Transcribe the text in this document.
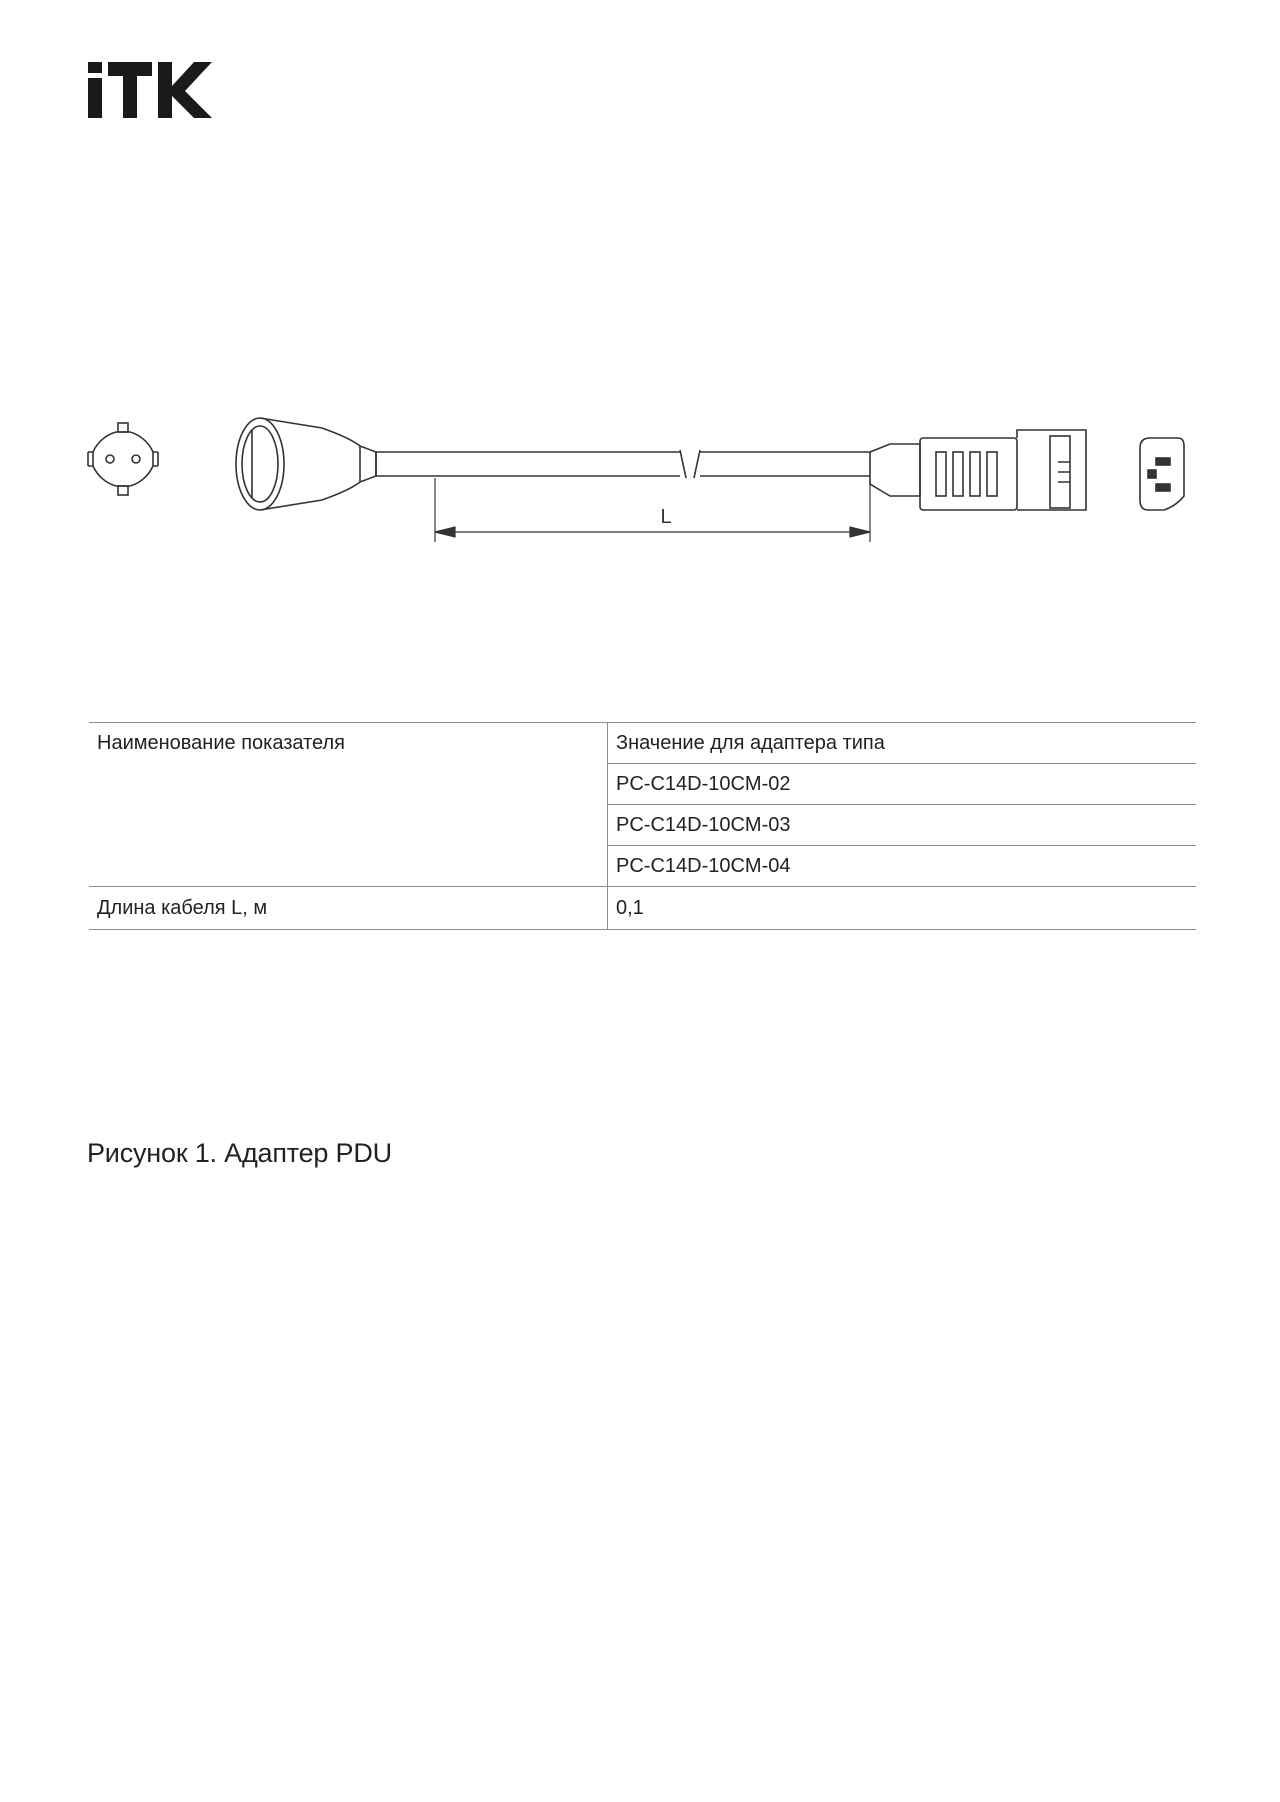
L
Наименование показателя	Значение для адаптера типа
	PC-C14D-10CM-02
	PC-C14D-10CM-03
	PC-C14D-10CM-04
Длина кабеля L, м	0,1
Рисунок 1. Адаптер PDU
